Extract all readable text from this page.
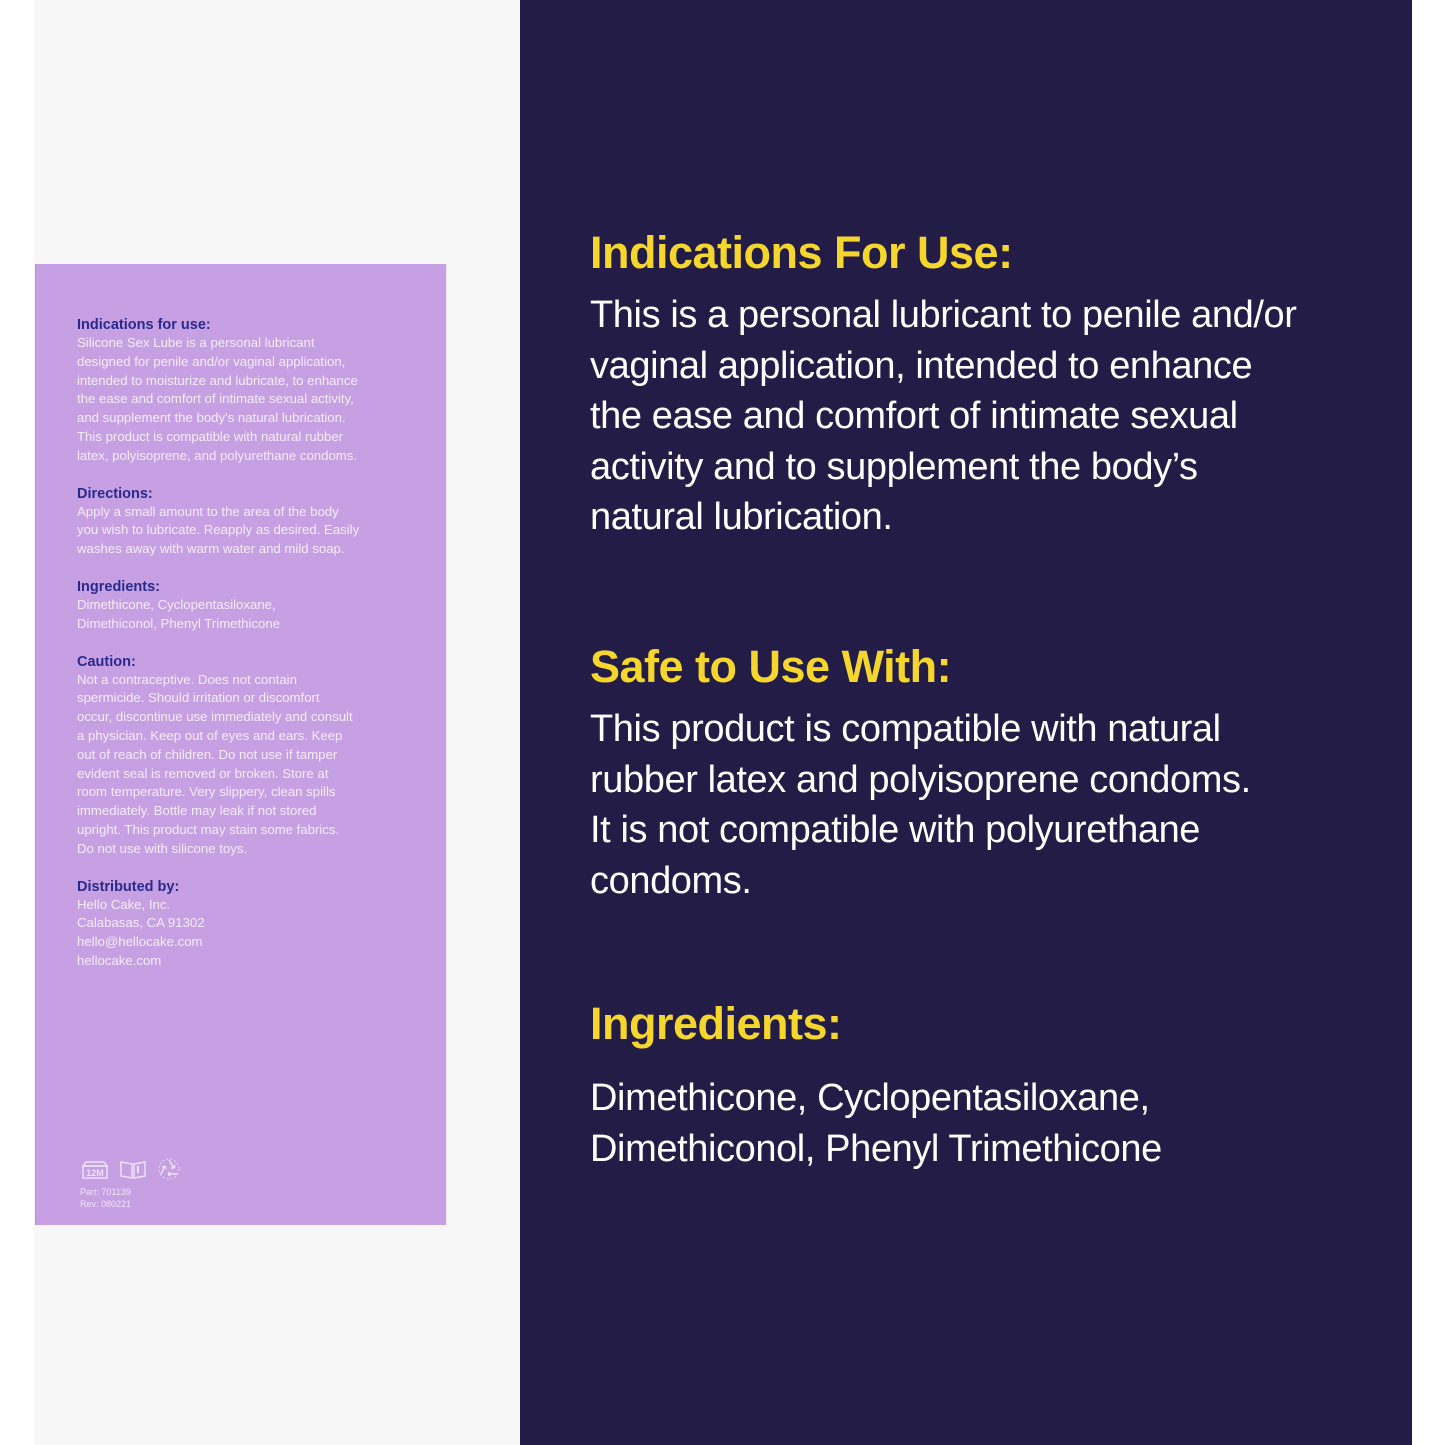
Indications for use:
Silicone Sex Lube is a personal lubricant
designed for penile and/or vaginal application,
intended to moisturize and lubricate, to enhance
the ease and comfort of intimate sexual activity,
and supplement the body's natural lubrication.
This product is compatible with natural rubber
latex, polyisoprene, and polyurethane condoms.
Directions:
Apply a small amount to the area of the body
you wish to lubricate. Reapply as desired. Easily
washes away with warm water and mild soap.
Ingredients:
Dimethicone, Cyclopentasiloxane,
Dimethiconol, Phenyl Trimethicone
Caution:
Not a contraceptive. Does not contain
spermicide. Should irritation or discomfort
occur, discontinue use immediately and consult
a physician. Keep out of eyes and ears. Keep
out of reach of children. Do not use if tamper
evident seal is removed or broken. Store at
room temperature. Very slippery, clean spills
immediately. Bottle may leak if not stored
upright. This product may stain some fabrics.
Do not use with silicone toys.
Distributed by:
Hello Cake, Inc.
Calabasas, CA 91302
hello@hellocake.com
hellocake.com
12M
Part: 701139
Rev: 080221
Indications For Use:

This is a personal lubricant to penile and/or
vaginal application, intended to enhance
the ease and comfort of intimate sexual
activity and to supplement the body’s
natural lubrication.

Safe to Use With:

This product is compatible with natural
rubber latex and polyisoprene condoms.
It is not compatible with polyurethane
condoms.

Ingredients:

Dimethicone, Cyclopentasiloxane,
Dimethiconol, Phenyl Trimethicone
